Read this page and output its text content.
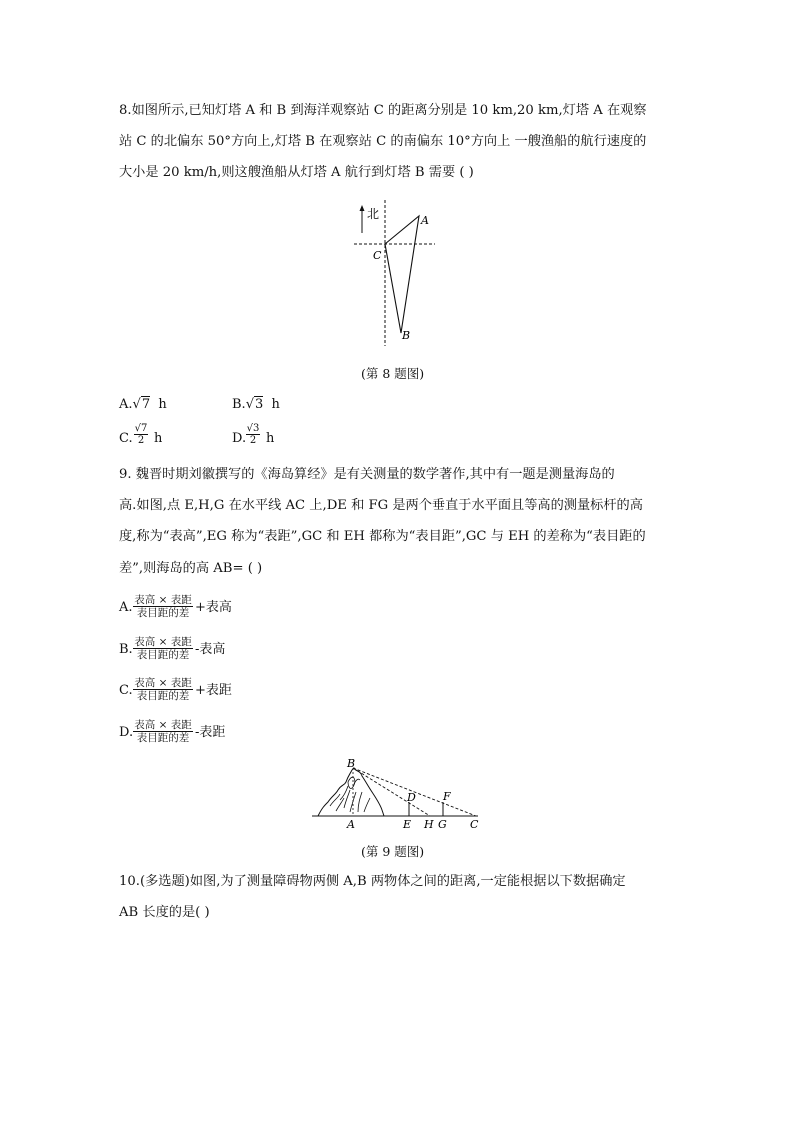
8.如图所示,已知灯塔 A 和 B 到海洋观察站 C 的距离分别是 10 km,20 km,灯塔 A 在观察
站 C 的北偏东 50°方向上,灯塔 B 在观察站 C 的南偏东 10°方向上 一艘渔船的航行速度的
大小是 20 km/h,则这艘渔船从灯塔 A 航行到灯塔 B 需要 ( )
北	A
B
C
(第 8 题图)
A.√7 h	B.√3 h
C. $\frac{√7}{2}$ h	D. $\frac{√3}{2}$ h
9. 魏晋时期刘徽撰写的《海岛算经》是有关测量的数学著作,其中有一题是测量海岛的
高.如图,点 E,H,G 在水平线 AC 上,DE 和 FG 是两个垂直于水平面且等高的测量标杆的高
度,称为“表高”,EG 称为“表距”,GC 和 EH 都称为“表目距”,GC 与 EH 的差称为“表目距的
差”,则海岛的高 AB= ( )
A. 表高 × 表距
表目距的差 +表高
B. 表高 × 表距
表目距的差 -表高
C. 表高 × 表距
表目距的差 +表距
D. 表高 × 表距
表目距的差 -表距
B
D F
A	E H G C
(第 9 题图)
10.(多选题)如图,为了测量障碍物两侧 A,B 两物体之间的距离,一定能根据以下数据确定
AB 长度的是( )
